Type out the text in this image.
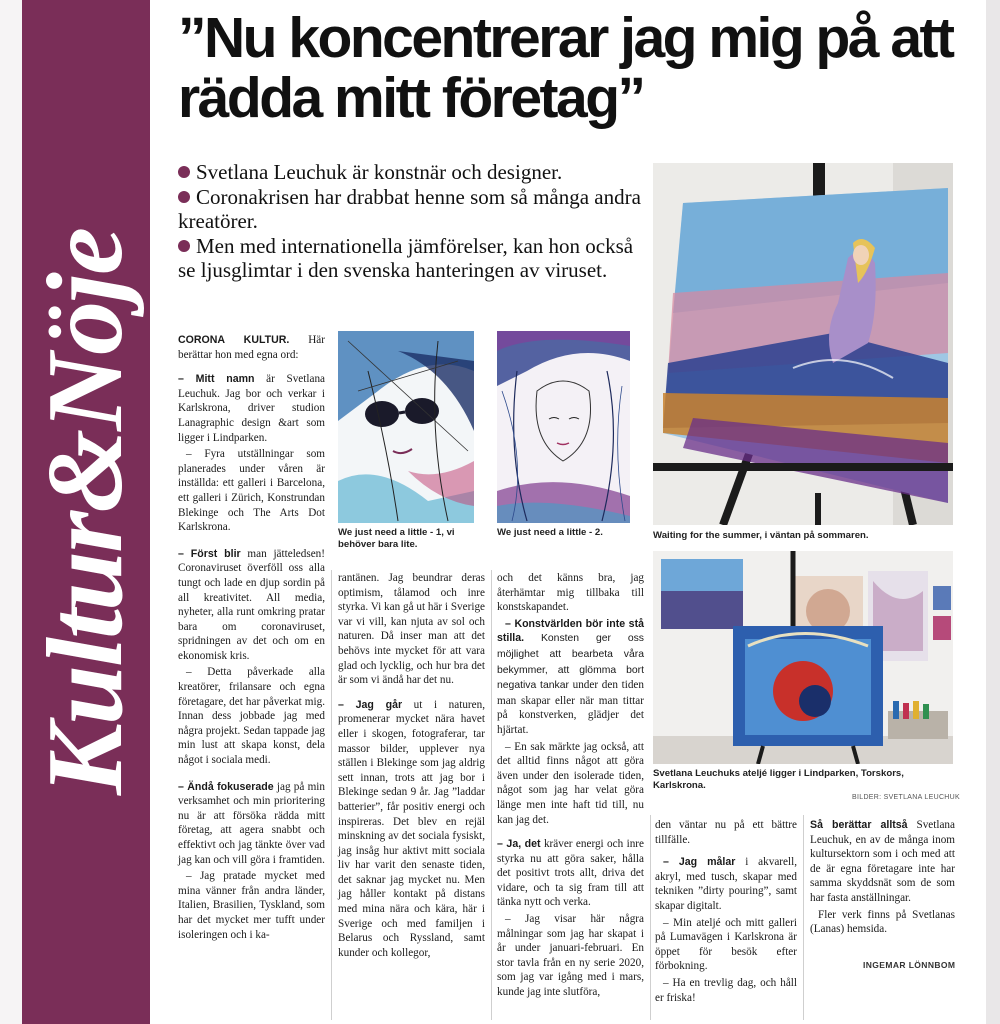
Kultur&Nöje
”Nu koncentrerar jag mig på att rädda mitt företag”

Svetlana Leuchuk är konstnär och designer.

Coronakrisen har drabbat henne som så många andra kreatörer.

Men med internationella jämförelser, kan hon också se ljusglimtar i den svenska hanteringen av viruset.

We just need a little - 1, vi behöver bara lite.
We just need a little - 2.	Waiting for the summer, i väntan på sommaren.
Svetlana Leuchuks ateljé ligger i Lindparken, Torskors, Karlskrona.
BILDER: SVETLANA LEUCHUK

CORONA KULTUR. Här berättar hon med egna ord:

– Mitt namn är Svetlana Leuchuk. Jag bor och verkar i Karlskrona, driver studion Lanagraphic design &art som ligger i Lindparken.

– Fyra utställningar som planerades under våren är inställda: ett galleri i Barcelona, ett galleri i Zürich, Konstrundan Blekinge och The Arts Dot Karlskrona.

– Först blir man jätteledsen! Coronaviruset överföll oss alla tungt och lade en djup sordin på all kreativitet. All media, nyheter, alla runt omkring pratar bara om coronaviruset, spridningen av det och om en ekonomisk kris.

– Detta påverkade alla kreatörer, frilansare och egna företagare, det har påverkat mig. Innan dess jobbade jag med några projekt. Sedan tappade jag min lust att skapa konst, dela något i sociala medi.

– Ändå fokuserade jag på min verksamhet och min prioritering nu är att försöka rädda mitt företag, att agera snabbt och effektivt och jag tänkte över vad jag kan och vill göra i framtiden.

– Jag pratade mycket med mina vänner från andra länder, Italien, Brasilien, Tyskland, som har det mycket mer tufft under isoleringen och i ka-

rantänen. Jag beundrar deras optimism, tålamod och inre styrka. Vi kan gå ut här i Sverige var vi vill, kan njuta av sol och naturen. Då inser man att det behövs inte mycket för att vara glad och lycklig, och hur bra det är som vi ändå har det nu.

– Jag går ut i naturen, promenerar mycket nära havet eller i skogen, fotograferar, tar massor bilder, upplever nya ställen i Blekinge som jag aldrig sett innan, trots att jag bor i Blekinge sedan 9 år. Jag ”laddar batterier”, får positiv energi och inspireras. Det blev en rejäl minskning av det sociala fysiskt, jag insåg hur aktivt mitt sociala liv har varit den senaste tiden, det saknar jag mycket nu. Men jag håller kontakt på distans med mina nära och kära, här i Sverige och med familjen i Belarus och Ryssland, samt kunder och kollegor,

och det känns bra, jag återhämtar mig tillbaka till konstskapandet.

– Konstvärlden bör inte stå stilla. Konsten ger oss möjlighet att bearbeta våra bekymmer, att glömma bort negativa tankar under den tiden man skapar eller när man tittar på konstverken, glädjer det hjärtat.

– En sak märkte jag också, att det alltid finns något att göra även under den isolerade tiden, något som jag har velat göra länge men inte haft tid till, nu kan jag det.

– Ja, det kräver energi och inre styrka nu att göra saker, hålla det positivt trots allt, driva det vidare, och ta sig fram till att tänka nytt och verka.

– Jag visar här några målningar som jag har skapat i år under januari-februari. En stor tavla från en ny serie 2020, som jag var igång med i mars, kunde jag inte slutföra,

den väntar nu på ett bättre tillfälle.

– Jag målar i akvarell, akryl, med tusch, skapar med tekniken ”dirty pouring”, samt skapar digitalt.

– Min ateljé och mitt galleri på Lumavägen i Karlskrona är öppet för besök efter förbokning.

– Ha en trevlig dag, och håll er friska!

Så berättar alltså Svetlana Leuchuk, en av de många inom kultursektorn som i och med att de är egna företagare inte har samma skyddsnät som de som har fasta anställningar.

Fler verk finns på Svetlanas (Lanas) hemsida.

INGEMAR LÖNNBOM
